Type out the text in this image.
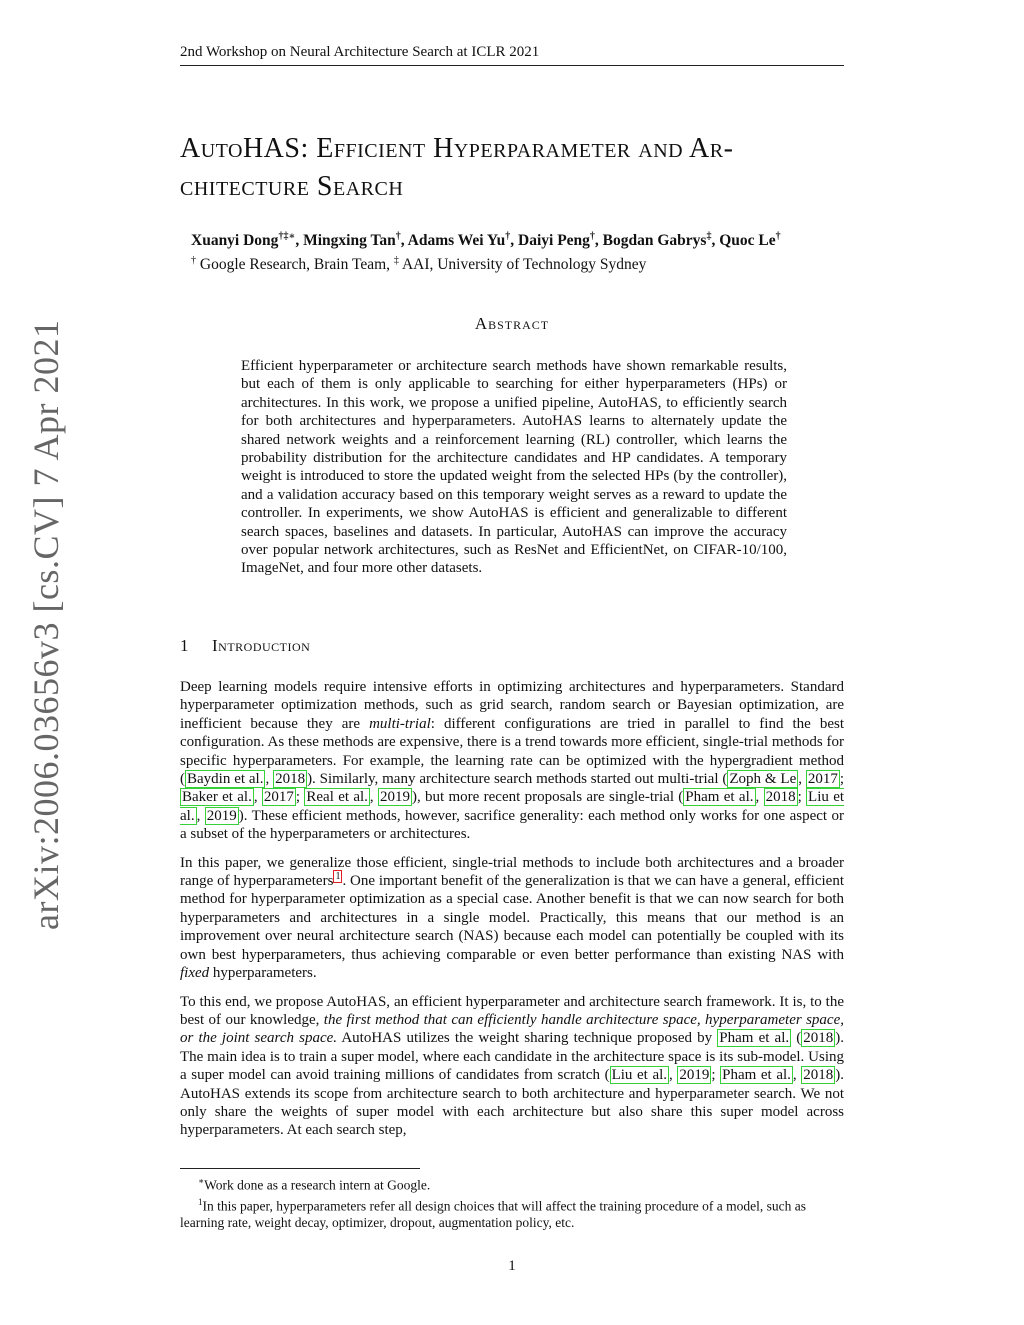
2nd Workshop on Neural Architecture Search at ICLR 2021
AutoHAS: Efficient Hyperparameter and Ar-
chitecture Search
Xuanyi Dong†‡∗, Mingxing Tan†, Adams Wei Yu†, Daiyi Peng†, Bogdan Gabrys‡, Quoc Le†
† Google Research, Brain Team, ‡ AAI, University of Technology Sydney
Abstract
Efficient hyperparameter or architecture search methods have shown remarkable results, but each of them is only applicable to searching for either hyperparameters (HPs) or architectures. In this work, we propose a unified pipeline, AutoHAS, to efficiently search for both architectures and hyperparameters. AutoHAS learns to alternately update the shared network weights and a reinforcement learning (RL) controller, which learns the probability distribution for the architecture candidates and HP candidates. A temporary weight is introduced to store the updated weight from the selected HPs (by the controller), and a validation accuracy based on this temporary weight serves as a reward to update the controller. In experiments, we show AutoHAS is efficient and generalizable to different search spaces, baselines and datasets. In particular, AutoHAS can improve the accuracy over popular network architectures, such as ResNet and EfficientNet, on CIFAR-10/100, ImageNet, and four more other datasets.
1 Introduction

Deep learning models require intensive efforts in optimizing architectures and hyperparameters. Standard hyperparameter optimization methods, such as grid search, random search or Bayesian optimization, are inefficient because they are multi-trial: different configurations are tried in parallel to find the best configuration. As these methods are expensive, there is a trend towards more efficient, single-trial methods for specific hyperparameters. For example, the learning rate can be optimized with the hypergradient method ( Baydin et al. , 2018 ). Similarly, many architecture search methods started out multi-trial ( Zoph & Le , 2017 ; Baker et al. , 2017 ; Real et al. , 2019 ), but more recent proposals are single-trial ( Pham et al. , 2018 ; Liu et al. , 2019 ). These efficient methods, however, sacrifice generality: each method only works for one aspect or a subset of the hyperparameters or architectures.

In this paper, we generalize those efficient, single-trial methods to include both architectures and a broader range of hyperparameters $^1$ . One important benefit of the generalization is that we can have a general, efficient method for hyperparameter optimization as a special case. Another benefit is that we can now search for both hyperparameters and architectures in a single model. Practically, this means that our method is an improvement over neural architecture search (NAS) because each model can potentially be coupled with its own best hyperparameters, thus achieving comparable or even better performance than existing NAS with fixed hyperparameters.

To this end, we propose AutoHAS, an efficient hyperparameter and architecture search framework. It is, to the best of our knowledge, the first method that can efficiently handle architecture space, hyperparameter space, or the joint search space. AutoHAS utilizes the weight sharing technique proposed by Pham et al. ( 2018 ). The main idea is to train a super model, where each candidate in the architecture space is its sub-model. Using a super model can avoid training millions of candidates from scratch ( Liu et al. , 2019 ; Pham et al. , 2018 ). AutoHAS extends its scope from architecture search to both architecture and hyperparameter search. We not only share the weights of super model with each architecture but also share this super model across hyperparameters. At each search step,

∗Work done as a research intern at Google.
$^1$In this paper, hyperparameters refer all design choices that will affect the training procedure of a model, such as learning rate, weight decay, optimizer, dropout, augmentation policy, etc.
1
arXiv:2006.03656v3 [cs.CV] 7 Apr 2021
